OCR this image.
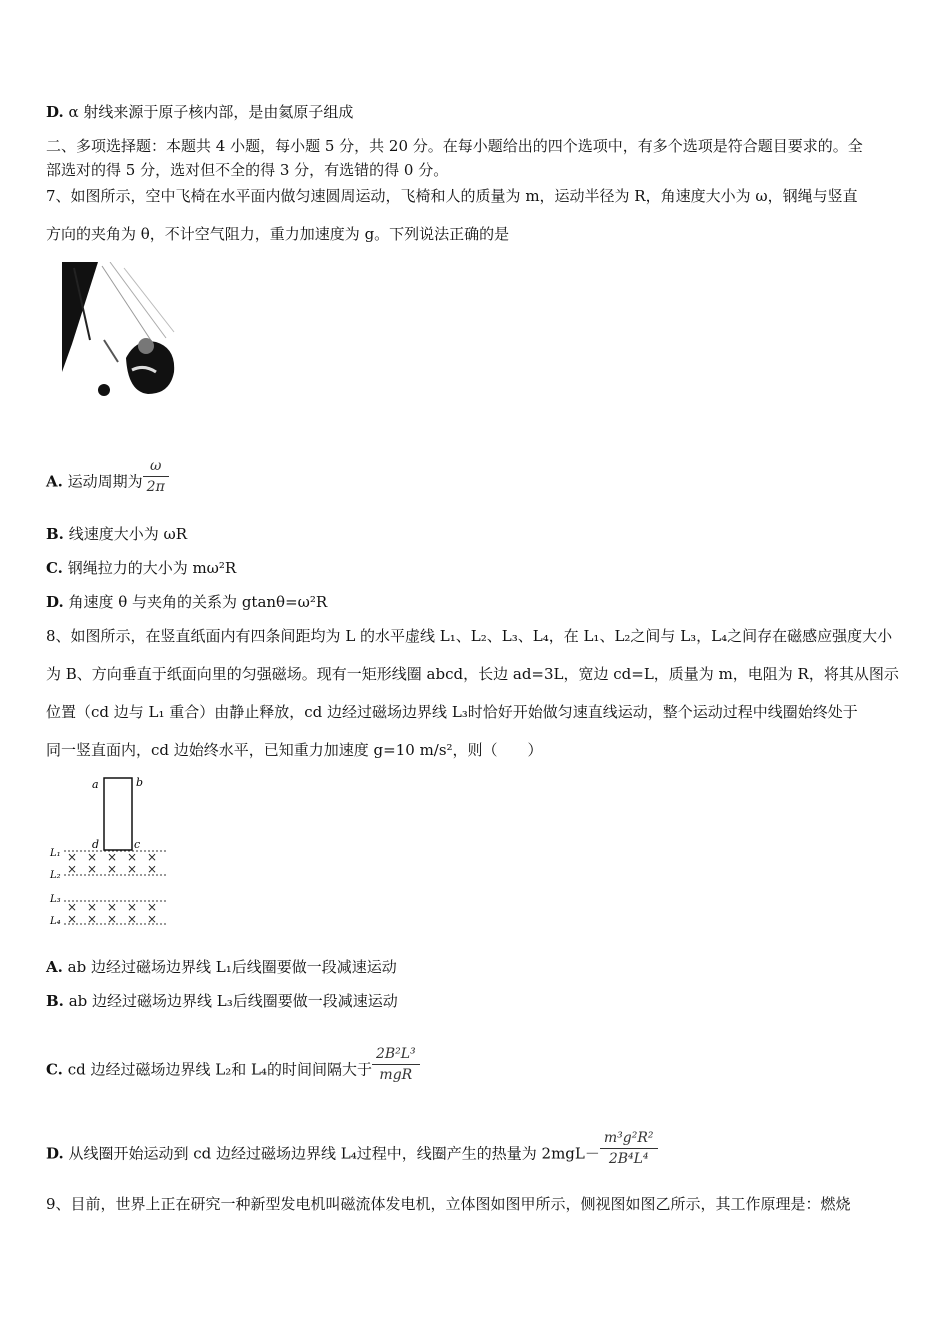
D. α 射线来源于原子核内部，是由氦原子组成
二、多项选择题：本题共 4 小题，每小题 5 分，共 20 分。在每小题给出的四个选项中，有多个选项是符合题目要求的。全
部选对的得 5 分，选对但不全的得 3 分，有选错的得 0 分。
7、如图所示，空中飞椅在水平面内做匀速圆周运动，飞椅和人的质量为 m，运动半径为 R，角速度大小为 ω，钢绳与竖直
方向的夹角为 θ，不计空气阻力，重力加速度为 g。下列说法正确的是
A. 运动周期为 $\frac{\omega}{2\pi}$
B. 线速度大小为 ωR
C. 钢绳拉力的大小为 mω²R
D. 角速度 θ 与夹角的关系为 gtanθ=ω²R
8、如图所示，在竖直纸面内有四条间距均为 L 的水平虚线 L₁、L₂、L₃、L₄，在 L₁、L₂之间与 L₃，L₄之间存在磁感应强度大小
为 B、方向垂直于纸面向里的匀强磁场。现有一矩形线圈 abcd，长边 ad=3L，宽边 cd=L，质量为 m，电阻为 R，将其从图示
位置（cd 边与 L₁ 重合）由静止释放，cd 边经过磁场边界线 L₃时恰好开始做匀速直线运动，整个运动过程中线圈始终处于
同一竖直面内，cd 边始终水平，已知重力加速度 g=10 m/s²，则（　　）
a	b
d	c
L₁
L₂
L₃
L₄
× × × × ×
× × × × ×
× × × × ×
× × × × ×
A. ab 边经过磁场边界线 L₁后线圈要做一段减速运动
B. ab 边经过磁场边界线 L₃后线圈要做一段减速运动
C. cd 边经过磁场边界线 L₂和 L₄的时间间隔大于 $\frac{\text{2B²L³}}{\text{mgR}}$
D. 从线圈开始运动到 cd 边经过磁场边界线 L₄过程中，线圈产生的热量为 $2mgL- \frac{\text{m³g²R²}}{\text{2B⁴L⁴}}$
9、目前，世界上正在研究一种新型发电机叫磁流体发电机，立体图如图甲所示，侧视图如图乙所示，其工作原理是：燃烧
